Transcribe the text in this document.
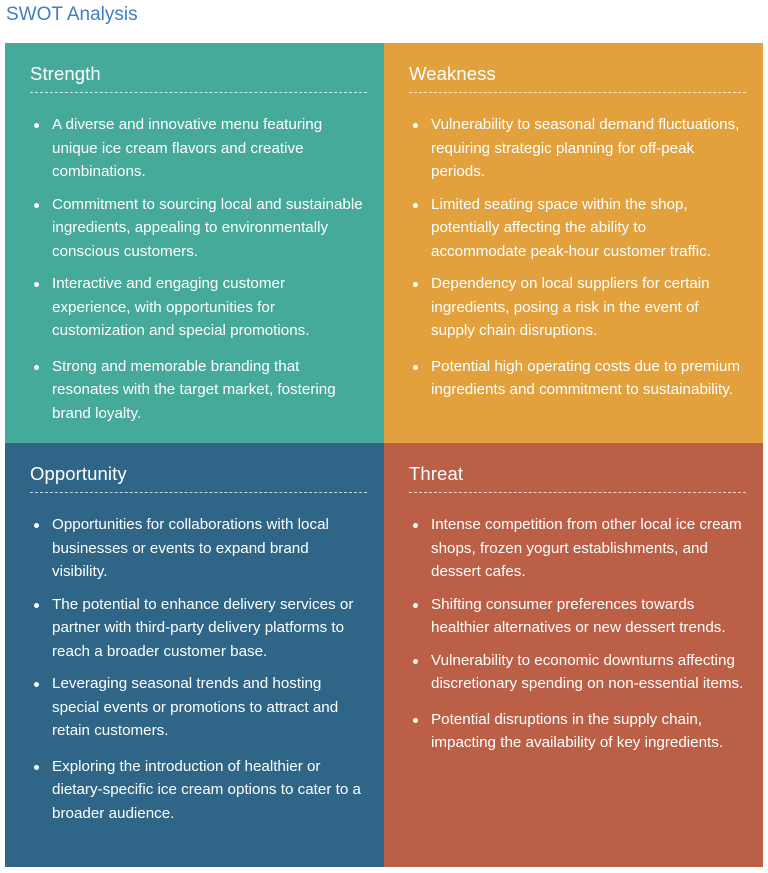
SWOT Analysis
Strength
A diverse and innovative menu featuring unique ice cream flavors and creative combinations.
Commitment to sourcing local and sustainable ingredients, appealing to environmentally conscious customers.
Interactive and engaging customer experience, with opportunities for customization and special promotions.
Strong and memorable branding that resonates with the target market, fostering brand loyalty.
Weakness
Vulnerability to seasonal demand fluctuations, requiring strategic planning for off-peak periods.
Limited seating space within the shop, potentially affecting the ability to accommodate peak-hour customer traffic.
Dependency on local suppliers for certain ingredients, posing a risk in the event of supply chain disruptions.
Potential high operating costs due to premium ingredients and commitment to sustainability.
Opportunity
Opportunities for collaborations with local businesses or events to expand brand visibility.
The potential to enhance delivery services or partner with third-party delivery platforms to reach a broader customer base.
Leveraging seasonal trends and hosting special events or promotions to attract and retain customers.
Exploring the introduction of healthier or dietary-specific ice cream options to cater to a broader audience.
Threat
Intense competition from other local ice cream shops, frozen yogurt establishments, and dessert cafes.
Shifting consumer preferences towards healthier alternatives or new dessert trends.
Vulnerability to economic downturns affecting discretionary spending on non-essential items.
Potential disruptions in the supply chain, impacting the availability of key ingredients.
